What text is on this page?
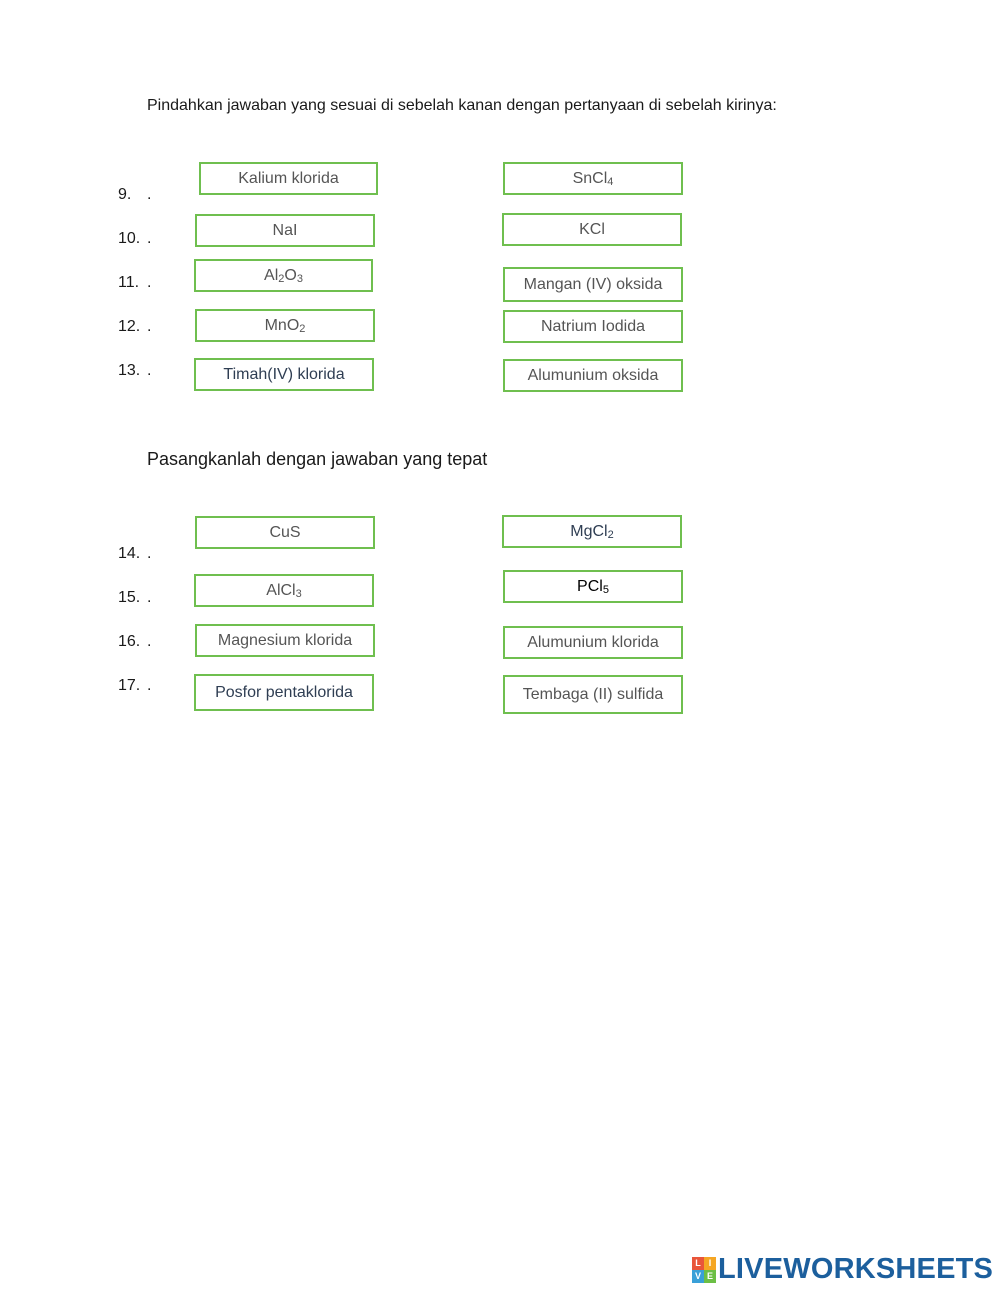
Pindahkan jawaban yang sesuai di sebelah kanan dengan pertanyaan di sebelah kirinya:
9. .
10. .
11. .
12. .
13. .
Kalium klorida
NaI
$Al_2O_3$
MnO$_2$
Timah(IV) klorida
SnCl$_4$
KCl
Mangan (IV) oksida
Natrium Iodida
Alumunium oksida
Pasangkanlah dengan jawaban yang tepat
14. .
15. .
16. .
17. .
CuS
AlCl$_3$
Magnesium klorida
Posfor pentaklorida
MgCl$_2$
PCl$_5$
Alumunium klorida
Tembaga (II) sulfida
L I
V E LIVEWORKSHEETS
